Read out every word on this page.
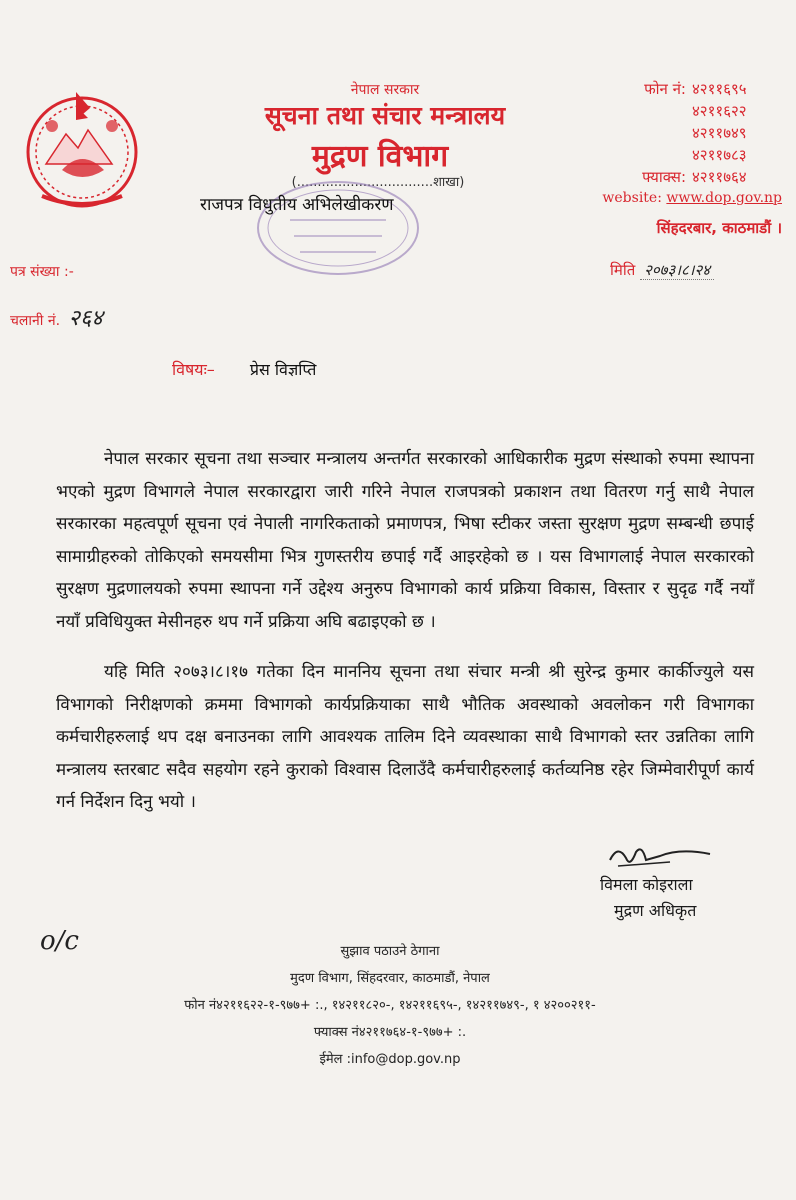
नेपाल सरकार
सूचना तथा संचार मन्त्रालय
मुद्रण विभाग
(.................................शाखा)
राजपत्र विधुतीय अभिलेखीकरण
फोन नं: ४२११६९५
४२११६२२
४२११७४९
४२११७८३
फ्याक्स: ४२११७६४
website: www.dop.gov.np
सिंहदरबार, काठमाडौं ।
मिति २०७३।८।२४
पत्र संख्या :-
चलानी नं. २६४
विषयः– प्रेस विज्ञप्ति

नेपाल सरकार सूचना तथा सञ्चार मन्त्रालय अन्तर्गत सरकारको आधिकारीक मुद्रण संस्थाको रुपमा स्थापना भएको मुद्रण विभागले नेपाल सरकारद्वारा जारी गरिने नेपाल राजपत्रको प्रकाशन तथा वितरण गर्नु साथै नेपाल सरकारका महत्वपूर्ण सूचना एवं नेपाली नागरिकताको प्रमाणपत्र, भिषा स्टीकर जस्ता सुरक्षण मुद्रण सम्बन्धी छपाई सामाग्रीहरुको तोकिएको समयसीमा भित्र गुणस्तरीय छपाई गर्दै आइरहेको छ । यस विभागलाई नेपाल सरकारको सुरक्षण मुद्रणालयको रुपमा स्थापना गर्ने उद्देश्य अनुरुप विभागको कार्य प्रक्रिया विकास, विस्तार र सुदृढ गर्दै नयाँ नयाँ प्रविधियुक्त मेसीनहरु थप गर्ने प्रक्रिया अघि बढाइएको छ ।

यहि मिति २०७३।८।१७ गतेका दिन माननिय सूचना तथा संचार मन्त्री श्री सुरेन्द्र कुमार कार्कीज्युले यस विभागको निरीक्षणको क्रममा विभागको कार्यप्रक्रियाका साथै भौतिक अवस्थाको अवलोकन गरी विभागका कर्मचारीहरुलाई थप दक्ष बनाउनका लागि आवश्यक तालिम दिने व्यवस्थाका साथै विभागको स्तर उन्नतिका लागि मन्त्रालय स्तरबाट सदैव सहयोग रहने कुराको विश्वास दिलाउँदै कर्मचारीहरुलाई कर्तव्यनिष्ठ रहेर जिम्मेवारीपूर्ण कार्य गर्न निर्देशन दिनु भयो ।

विमला कोइराला
मुद्रण अधिकृत
o/c	सुझाव पठाउने ठेगाना
मुदण विभाग, सिंहदरवार, काठमाडौं, नेपाल
फोन नं४२११६२२-१-९७७+ :., १४२११८२०-, १४२११६९५-, १४२११७४९-, १ ४२००२११-
फ्याक्स नं४२११७६४-१-९७७+ :.
ईमेल :info@dop.gov.np
